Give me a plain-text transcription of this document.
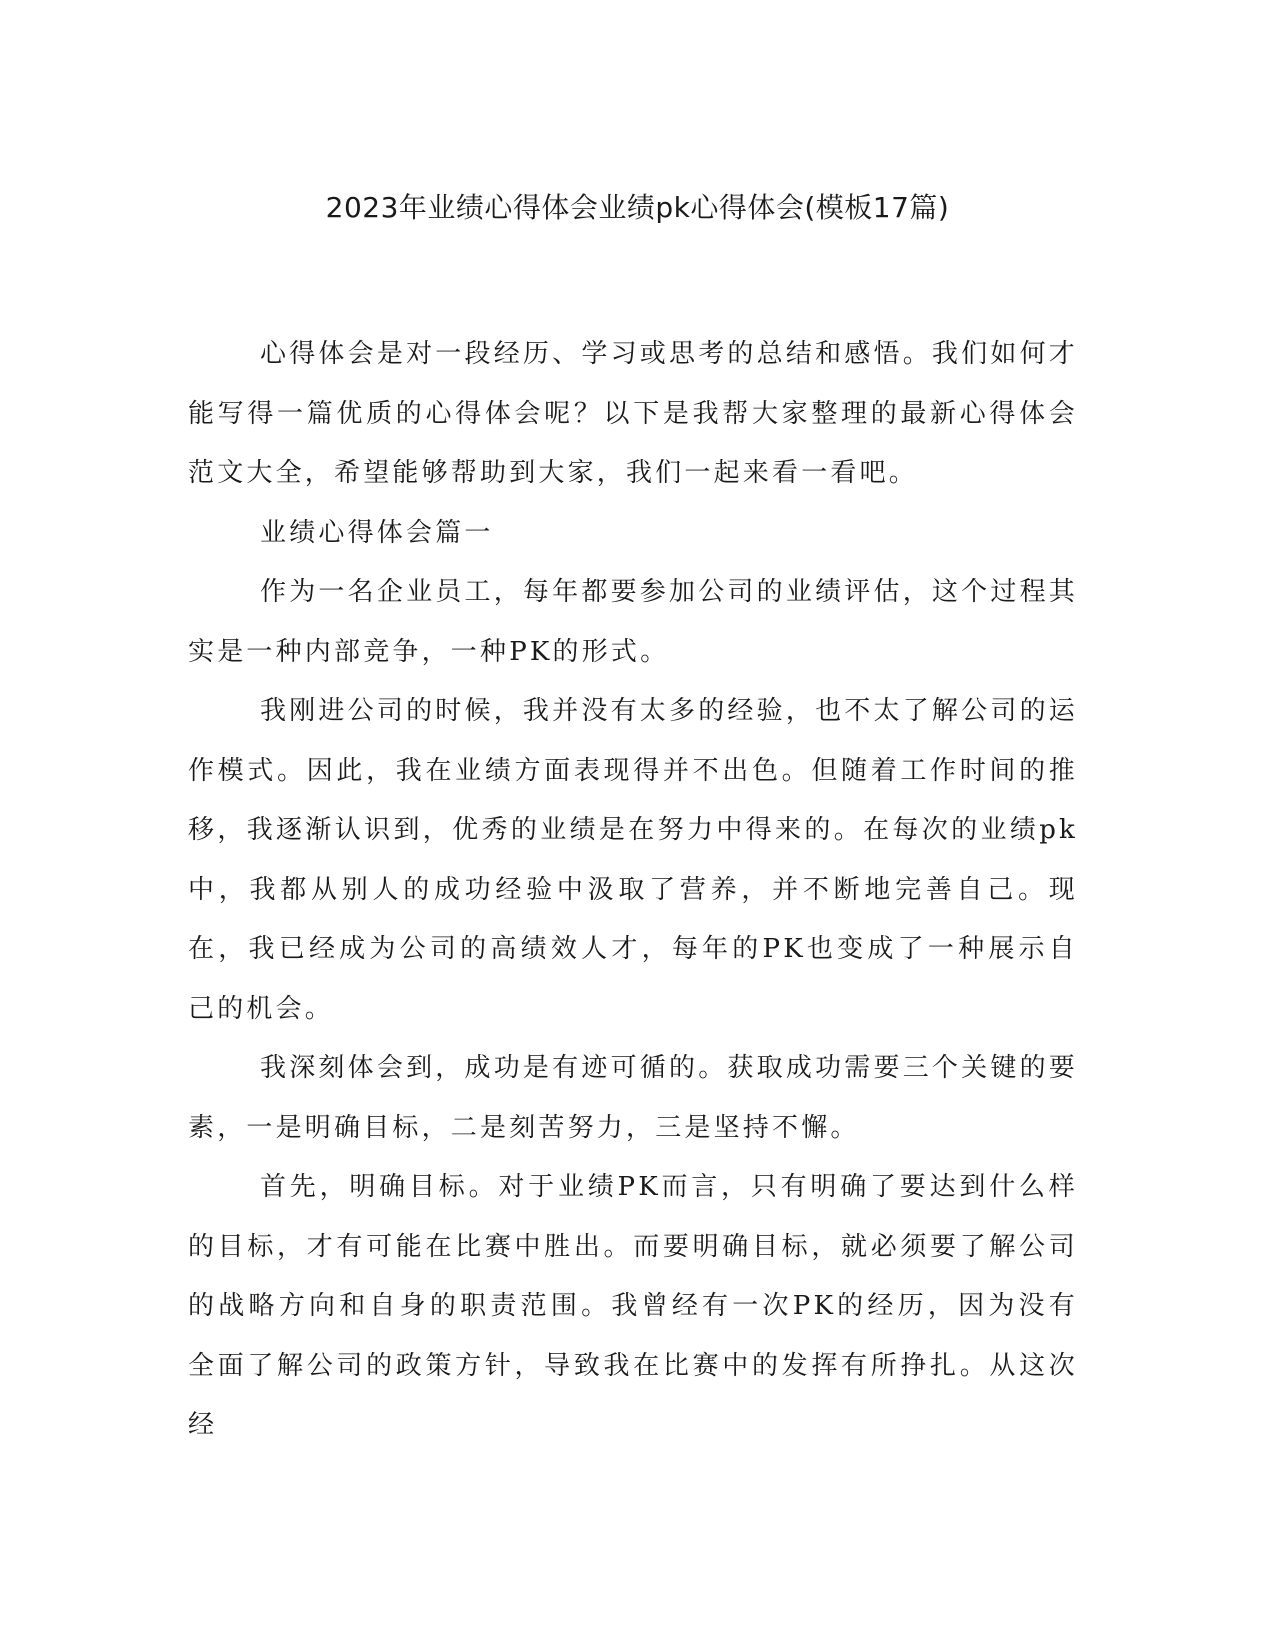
2023年业绩心得体会业绩pk心得体会(模板17篇)

心得体会是对一段经历、学习或思考的总结和感悟。我们如何才能写得一篇优质的心得体会呢？以下是我帮大家整理的最新心得体会范文大全，希望能够帮助到大家，我们一起来看一看吧。

业绩心得体会篇一

作为一名企业员工，每年都要参加公司的业绩评估，这个过程其实是一种内部竞争，一种PK的形式。

我刚进公司的时候，我并没有太多的经验，也不太了解公司的运作模式。因此，我在业绩方面表现得并不出色。但随着工作时间的推移，我逐渐认识到，优秀的业绩是在努力中得来的。在每次的业绩pk中，我都从别人的成功经验中汲取了营养，并不断地完善自己。现在，我已经成为公司的高绩效人才，每年的PK也变成了一种展示自己的机会。

我深刻体会到，成功是有迹可循的。获取成功需要三个关键的要素，一是明确目标，二是刻苦努力，三是坚持不懈。

首先，明确目标。对于业绩PK而言，只有明确了要达到什么样的目标，才有可能在比赛中胜出。而要明确目标，就必须要了解公司的战略方向和自身的职责范围。我曾经有一次PK的经历，因为没有全面了解公司的政策方针，导致我在比赛中的发挥有所挣扎。从这次经
